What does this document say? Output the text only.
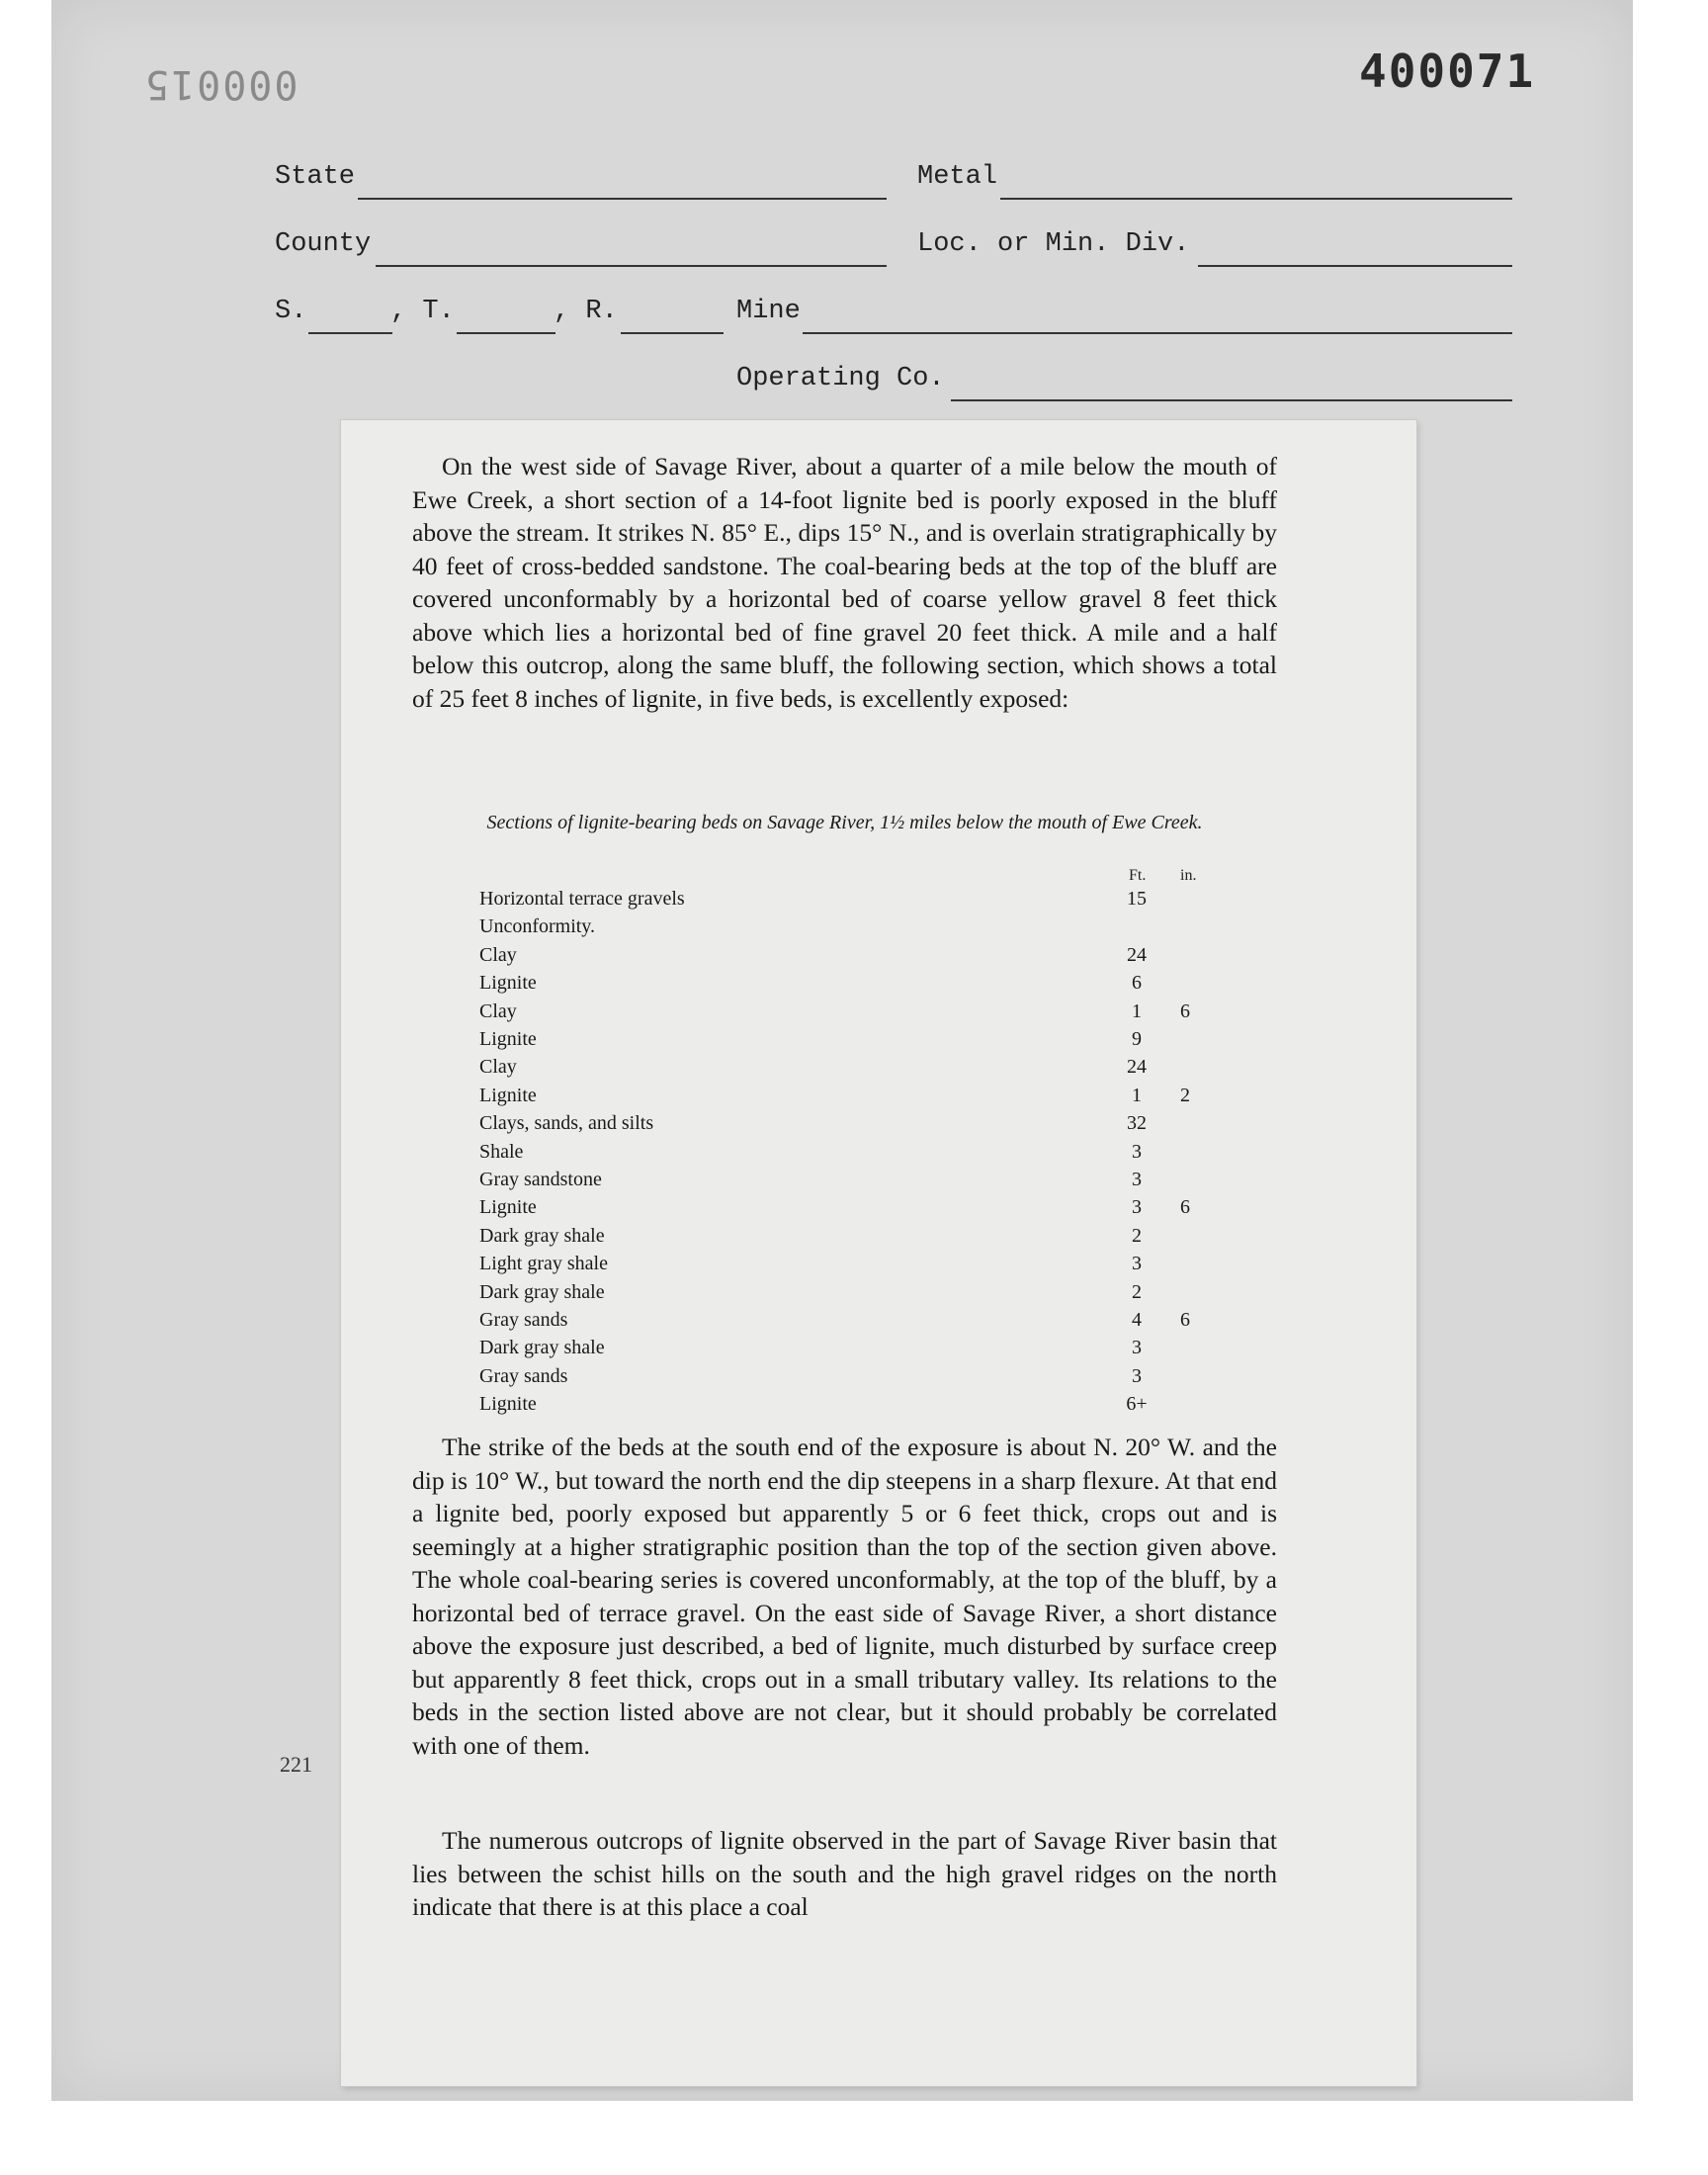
000015	400071
State	Metal
County	Loc. or Min. Div.
S.	, T.	, R.	Mine
Operating Co.

On the west side of Savage River, about a quarter of a mile below the mouth of Ewe Creek, a short section of a 14-foot lignite bed is poorly exposed in the bluff above the stream. It strikes N. 85° E., dips 15° N., and is overlain stratigraphically by 40 feet of cross-bedded sandstone. The coal-bearing beds at the top of the bluff are covered unconformably by a horizontal bed of coarse yellow gravel 8 feet thick above which lies a horizontal bed of fine gravel 20 feet thick. A mile and a half below this outcrop, along the same bluff, the following section, which shows a total of 25 feet 8 inches of lignite, in five beds, is excellently exposed:

Sections of lignite-bearing beds on Savage River, 1½ miles below the mouth of Ewe Creek.
Ft. in.
Horizontal terrace gravels	15
Unconformity.
Clay	24
Lignite	6
Clay	1	6
Lignite	9
Clay	24
Lignite	1	2
Clays, sands, and silts	32
Shale	3
Gray sandstone	3
Lignite	3	6
Dark gray shale	2
Light gray shale	3
Dark gray shale	2
Gray sands	4	6
Dark gray shale	3
Gray sands	3
Lignite	6+

The strike of the beds at the south end of the exposure is about N. 20° W. and the dip is 10° W., but toward the north end the dip steepens in a sharp flexure. At that end a lignite bed, poorly exposed but apparently 5 or 6 feet thick, crops out and is seemingly at a higher stratigraphic position than the top of the section given above. The whole coal-bearing series is covered unconformably, at the top of the bluff, by a horizontal bed of terrace gravel. On the east side of Savage River, a short distance above the exposure just described, a bed of lignite, much disturbed by surface creep but apparently 8 feet thick, crops out in a small tributary valley. Its relations to the beds in the section listed above are not clear, but it should probably be correlated with one of them.

The numerous outcrops of lignite observed in the part of Savage River basin that lies between the schist hills on the south and the high gravel ridges on the north indicate that there is at this place a coal

221
